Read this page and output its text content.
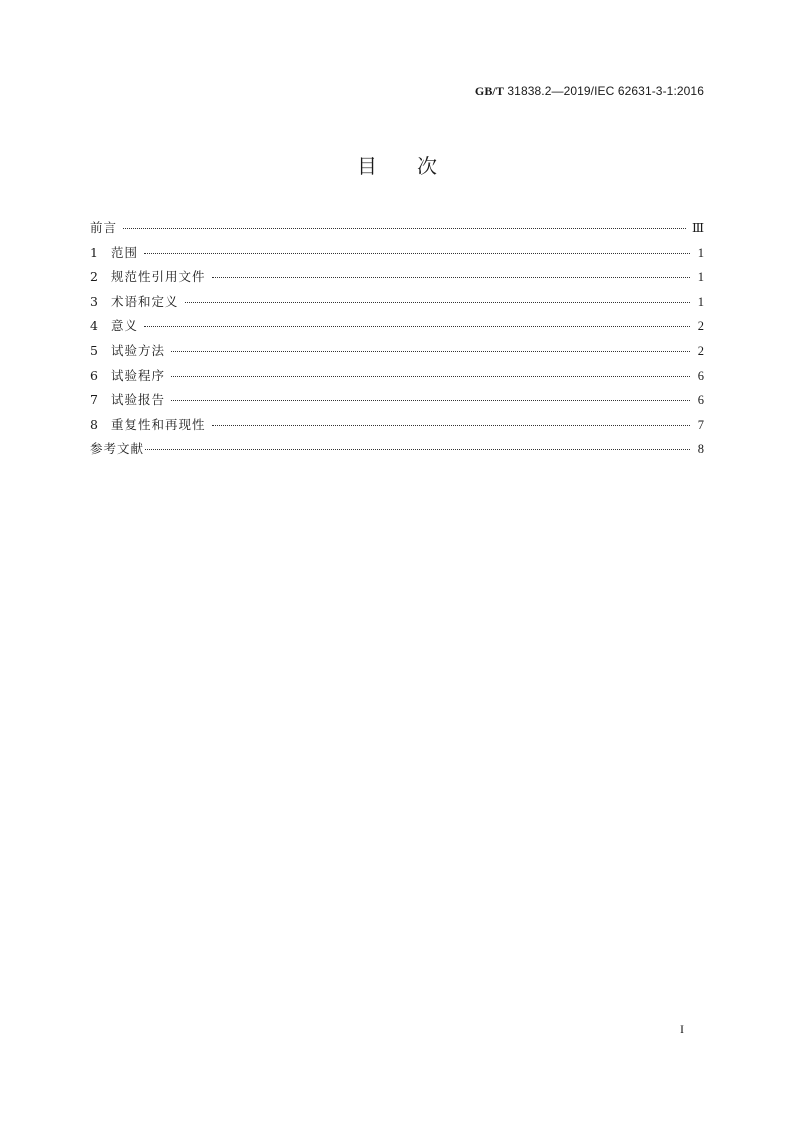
GB/T 31838.2—2019/IEC 62631-3-1:2016
目次
前言	Ⅲ
1	范围	1
2	规范性引用文件	1
3	术语和定义	1
4	意义	2
5	试验方法	2
6	试验程序	6
7	试验报告	6
8	重复性和再现性	7
参考文献	8
I
